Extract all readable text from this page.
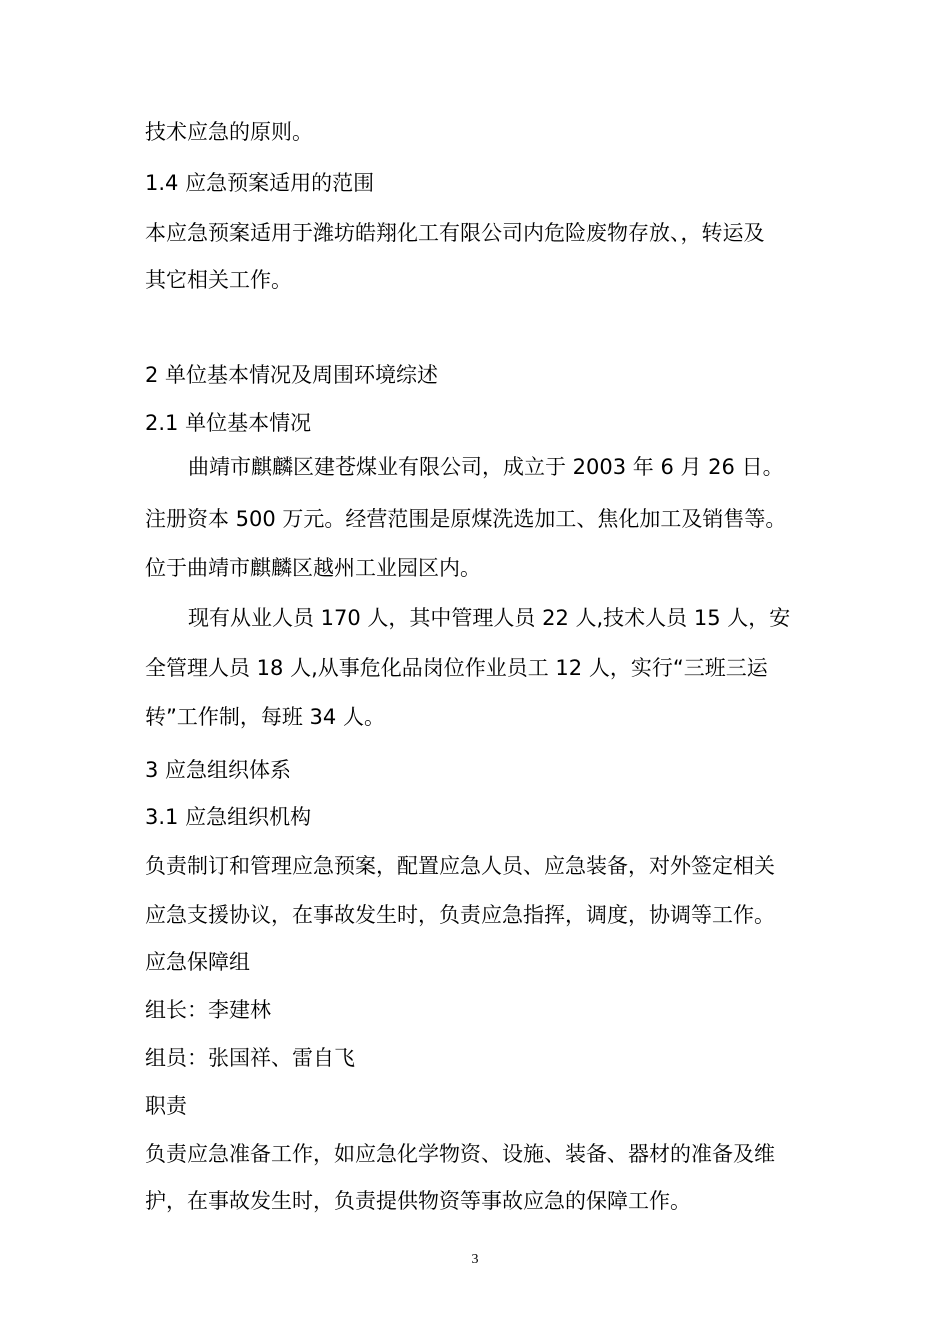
技术应急的原则。
1.4 应急预案适用的范围
本应急预案适用于潍坊皓翔化工有限公司内危险废物存放、，转运及
其它相关工作。
2 单位基本情况及周围环境综述
2.1 单位基本情况
曲靖市麒麟区建苍煤业有限公司，成立于 2003 年 6 月 26 日。
注册资本 500 万元。经营范围是原煤洗选加工、焦化加工及销售等。
位于曲靖市麒麟区越州工业园区内。
现有从业人员 170 人，其中管理人员 22 人,技术人员 15 人，安
全管理人员 18 人,从事危化品岗位作业员工 12 人，实行“三班三运
转”工作制，每班 34 人。
3 应急组织体系
3.1 应急组织机构
负责制订和管理应急预案，配置应急人员、应急装备，对外签定相关
应急支援协议，在事故发生时，负责应急指挥，调度，协调等工作。
应急保障组
组长：李建林
组员：张国祥、雷自飞
职责
负责应急准备工作，如应急化学物资、设施、装备、器材的准备及维
护，在事故发生时，负责提供物资等事故应急的保障工作。
3
